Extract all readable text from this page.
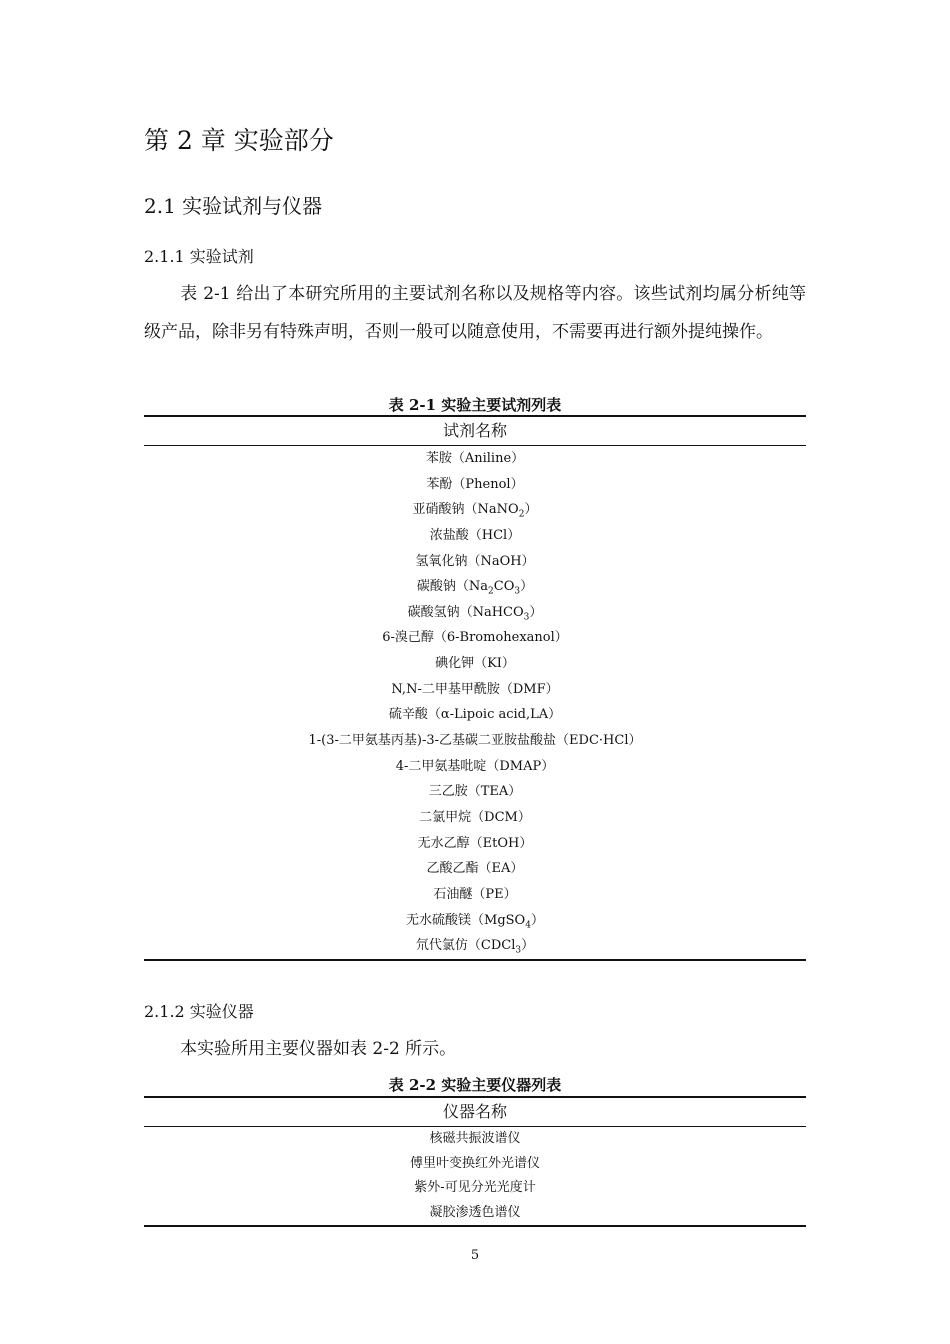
第 2 章 实验部分
2.1 实验试剂与仪器
2.1.1 实验试剂
表 2-1 给出了本研究所用的主要试剂名称以及规格等内容。该些试剂均属分析纯等级产品，除非另有特殊声明，否则一般可以随意使用，不需要再进行额外提纯操作。
表 2-1 实验主要试剂列表
试剂名称
苯胺（Aniline）
苯酚（Phenol）
亚硝酸钠（NaNO$_2$）
浓盐酸（HCl）
氢氧化钠（NaOH）
碳酸钠$(Na_2CO_3)$
碳酸氢钠（NaHCO$_3$）
6-溴己醇（6-Bromohexanol）
碘化钾（KI）
N,N-二甲基甲酰胺（DMF）
硫辛酸（α-Lipoic acid,LA）
1-(3-二甲氨基丙基)-3-乙基碳二亚胺盐酸盐（EDC·HCl）
4-二甲氨基吡啶（DMAP）
三乙胺（TEA）
二氯甲烷（DCM）
无水乙醇（EtOH）
乙酸乙酯（EA）
石油醚（PE）
无水硫酸镁（MgSO$_4$）
氘代氯仿（CDCl$_3$）
2.1.2 实验仪器
本实验所用主要仪器如表 2-2 所示。
表 2-2 实验主要仪器列表
仪器名称
核磁共振波谱仪
傅里叶变换红外光谱仪
紫外-可见分光光度计
凝胶渗透色谱仪
5
